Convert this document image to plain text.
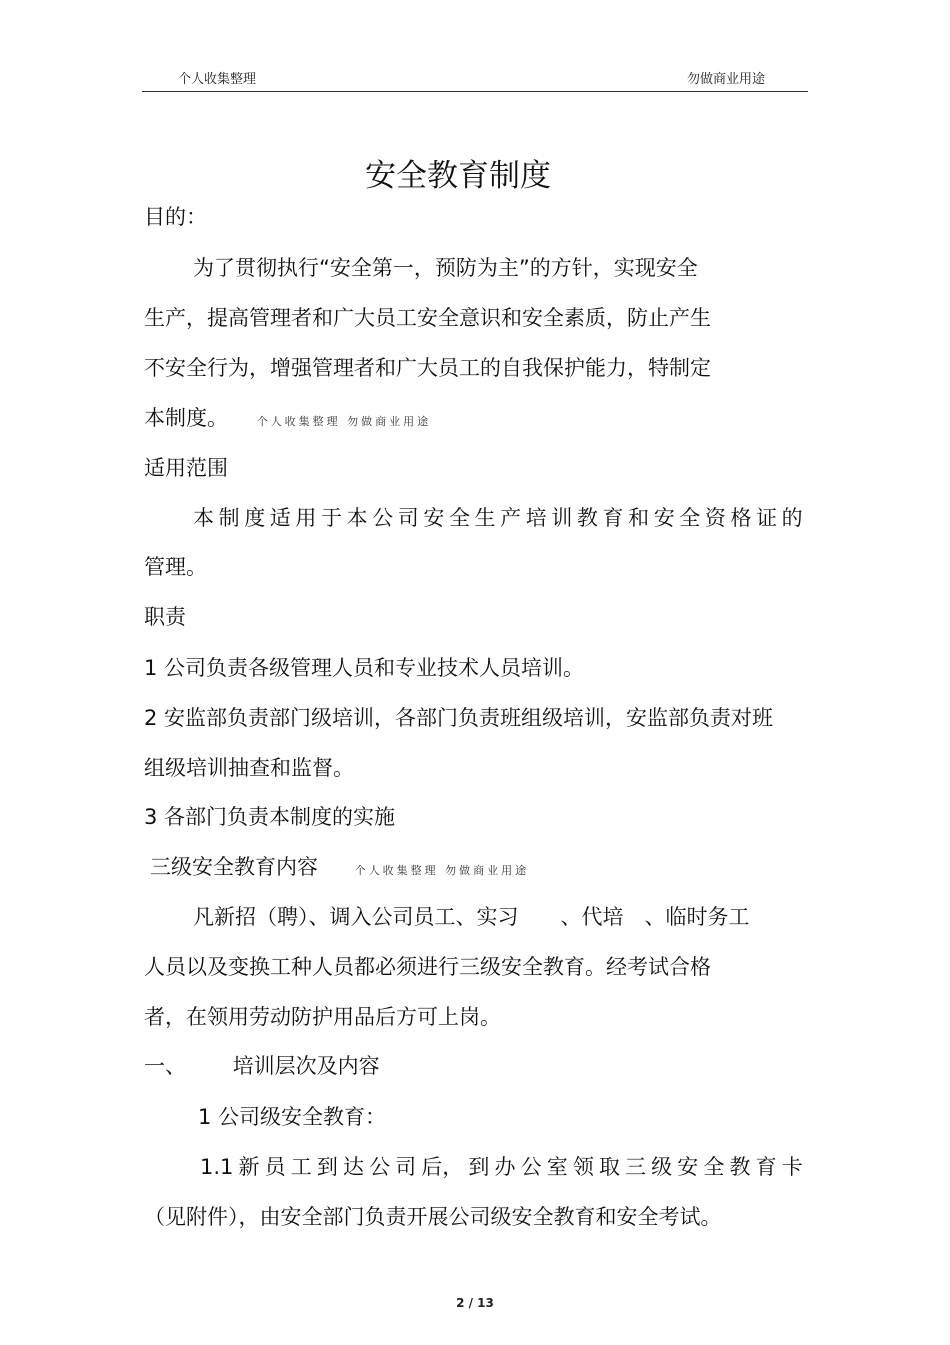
个人收集整理	勿做商业用途
安全教育制度
目的：
为了贯彻执行“安全第一，预防为主”的方针，实现安全
生产，提高管理者和广大员工安全意识和安全素质，防止产生
不安全行为，增强管理者和广大员工的自我保护能力，特制定
本制度。	个人收集整理 勿做商业用途
适用范围
本 制 度 适 用 于 本 公 司 安 全 生 产 培 训 教 育 和 安 全 资 格 证 的
管理。
职责
1 公司负责各级管理人员和专业技术人员培训。
2 安监部负责部门级培训，各部门负责班组级培训，安监部负责对班
组级培训抽查和监督。
3 各部门负责本制度的实施
三级安全教育内容	个人收集整理 勿做商业用途
凡新招（聘）、调入公司员工、实习　　、代培　、临时务工
人员以及变换工种人员都必须进行三级安全教育。经考试合格
者，在领用劳动防护用品后方可上岗。
一、 培训层次及内容
1 公司级安全教育：
1.1 新 员 工 到 达 公 司 后， 到 办 公 室 领 取 三 级 安 全 教 育 卡
（见附件），由安全部门负责开展公司级安全教育和安全考试。
2 / 13
